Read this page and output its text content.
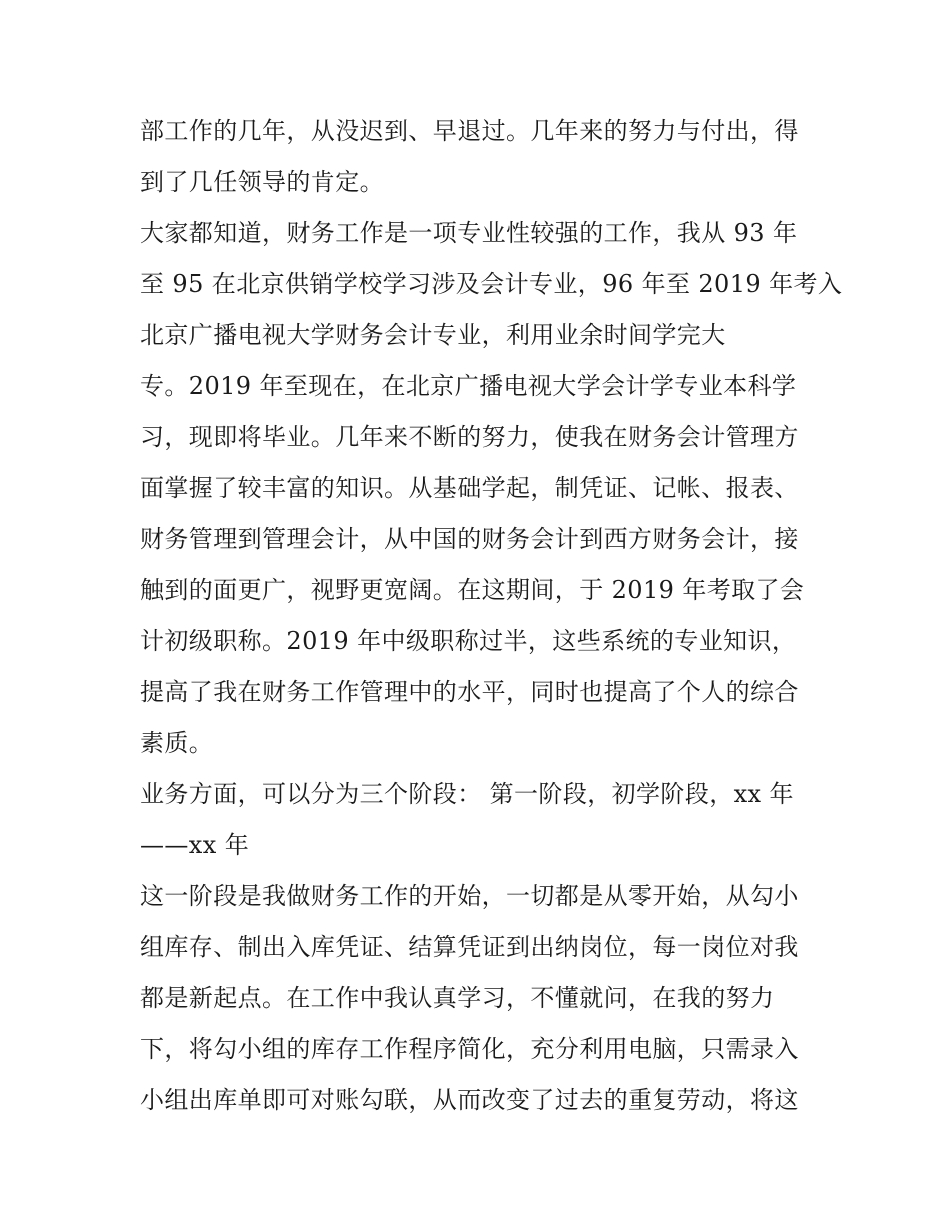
部工作的几年，从没迟到、早退过。几年来的努力与付出，得
到了几任领导的肯定。
大家都知道，财务工作是一项专业性较强的工作，我从 93 年
至 95 在北京供销学校学习涉及会计专业，96 年至 2019 年考入
北京广播电视大学财务会计专业，利用业余时间学完大
专。2019 年至现在，在北京广播电视大学会计学专业本科学
习，现即将毕业。几年来不断的努力，使我在财务会计管理方
面掌握了较丰富的知识。从基础学起，制凭证、记帐、报表、
财务管理到管理会计，从中国的财务会计到西方财务会计，接
触到的面更广，视野更宽阔。在这期间，于 2019 年考取了会
计初级职称。2019 年中级职称过半，这些系统的专业知识，
提高了我在财务工作管理中的水平，同时也提高了个人的综合
素质。
业务方面，可以分为三个阶段： 第一阶段，初学阶段，xx 年
——xx 年
这一阶段是我做财务工作的开始，一切都是从零开始，从勾小
组库存、制出入库凭证、结算凭证到出纳岗位，每一岗位对我
都是新起点。在工作中我认真学习，不懂就问，在我的努力
下，将勾小组的库存工作程序简化，充分利用电脑，只需录入
小组出库单即可对账勾联，从而改变了过去的重复劳动，将这
